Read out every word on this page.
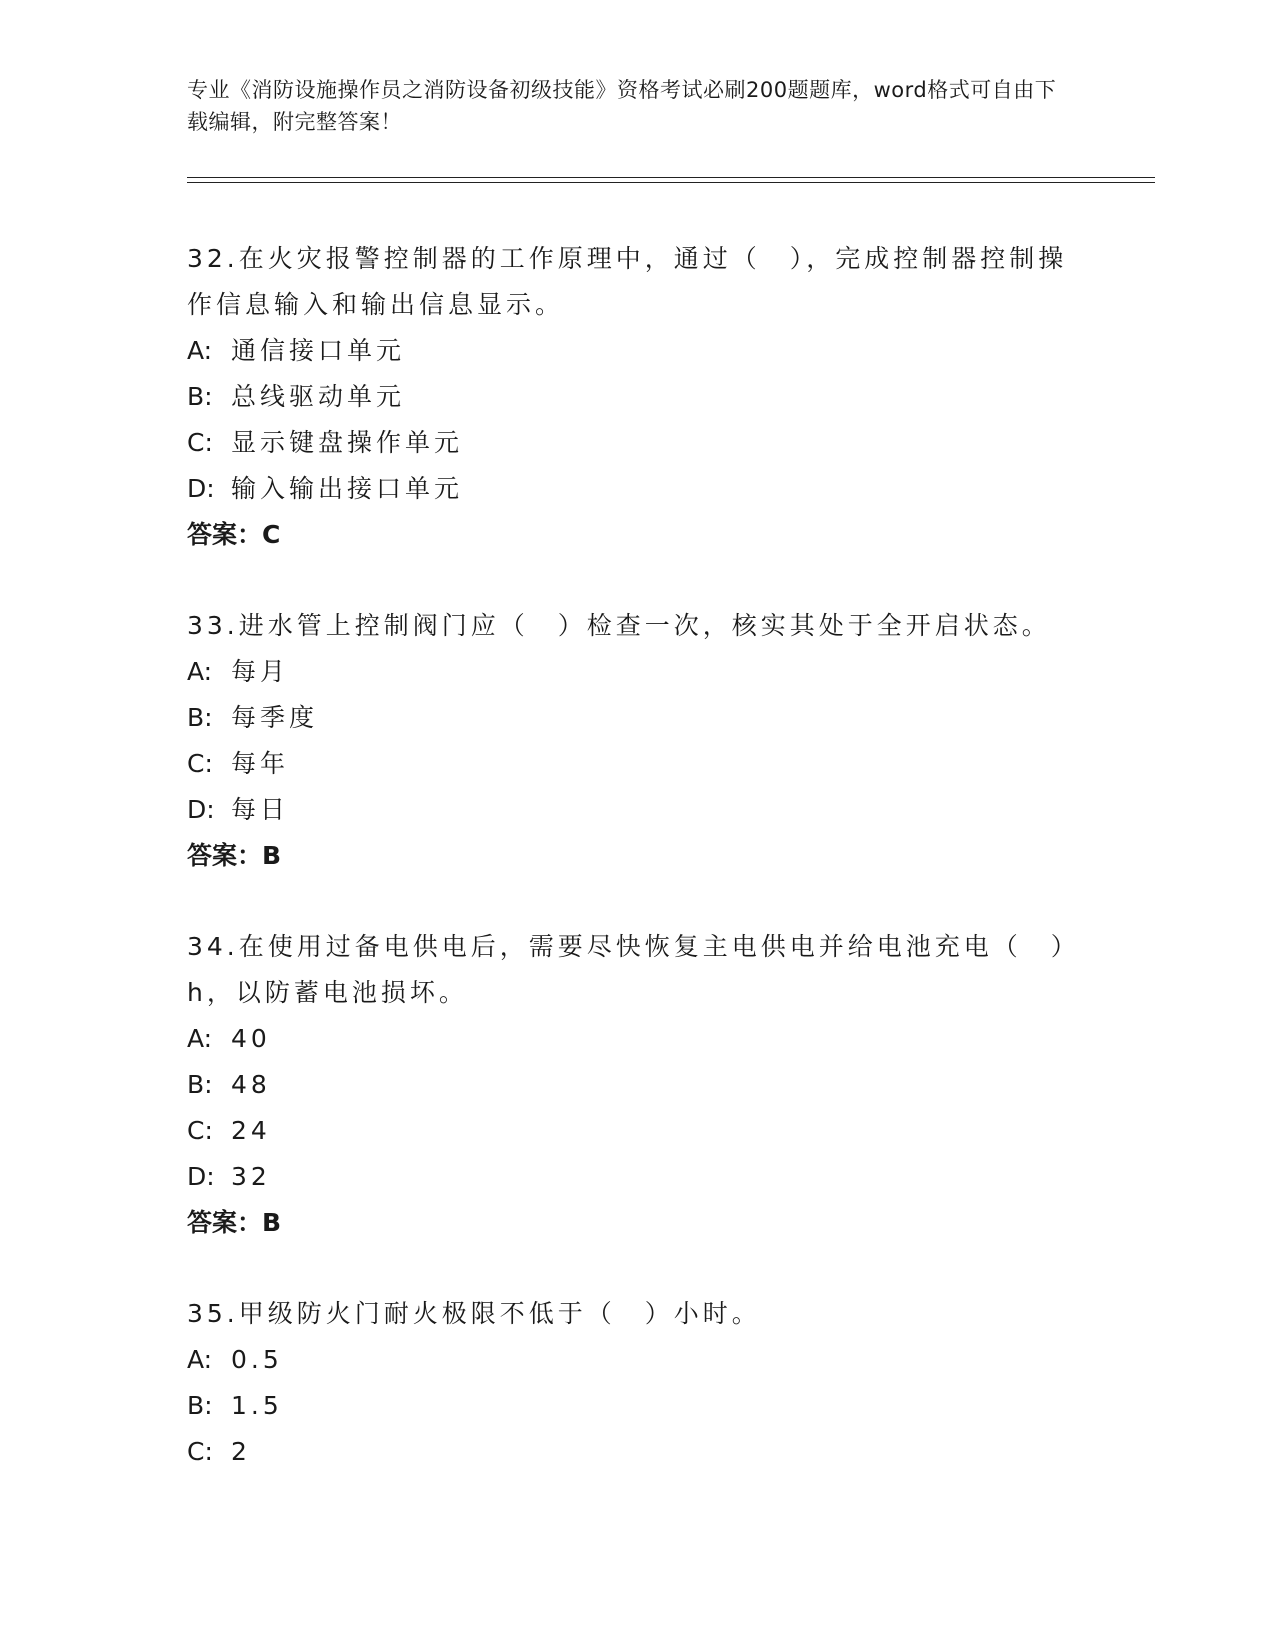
专业《消防设施操作员之消防设备初级技能》资格考试必刷200题题库，word格式可自由下载编辑，附完整答案！

32.在火灾报警控制器的工作原理中，通过（　），完成控制器控制操作信息输入和输出信息显示。

A: 通信接口单元

B: 总线驱动单元

C: 显示键盘操作单元

D: 输入输出接口单元

答案：C

33.进水管上控制阀门应（　）检查一次，核实其处于全开启状态。

A: 每月

B: 每季度

C: 每年

D: 每日

答案：B

34.在使用过备电供电后，需要尽快恢复主电供电并给电池充电（　）h，以防蓄电池损坏。

A: 40

B: 48

C: 24

D: 32

答案：B

35.甲级防火门耐火极限不低于（　）小时。

A: 0.5

B: 1.5

C: 2
